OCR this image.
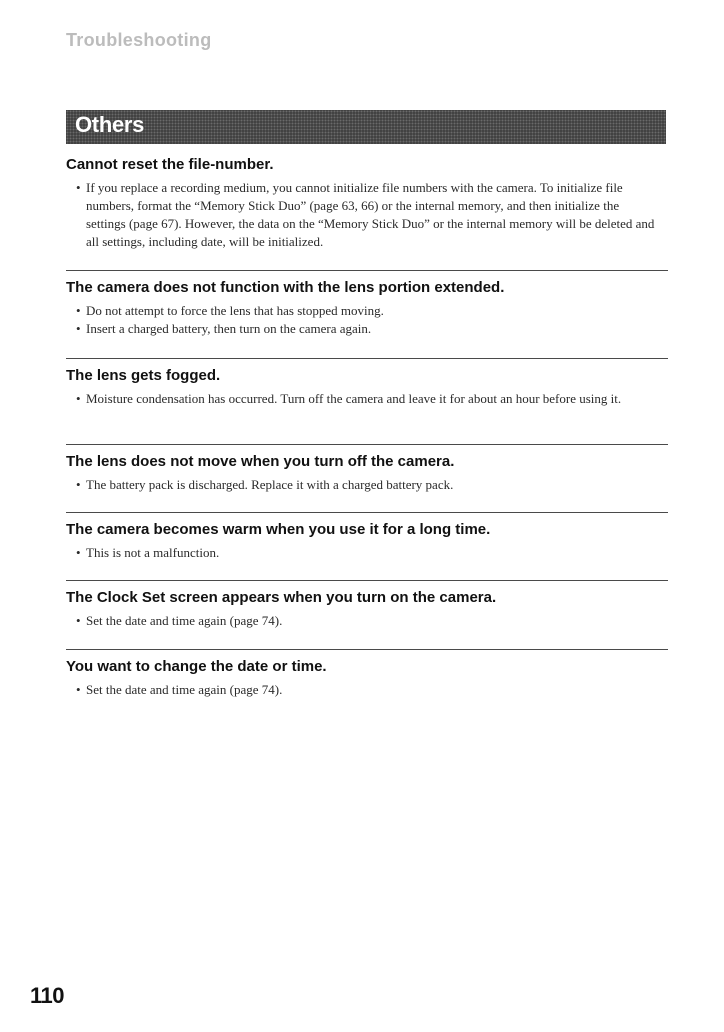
Troubleshooting
Others
Cannot reset the file-number.
• If you replace a recording medium, you cannot initialize file numbers with the camera. To initialize file numbers, format the “Memory Stick Duo” (page 63, 66) or the internal memory, and then initialize the settings (page 67). However, the data on the “Memory Stick Duo” or the internal memory will be deleted and all settings, including date, will be initialized.
The camera does not function with the lens portion extended.
• Do not attempt to force the lens that has stopped moving.
• Insert a charged battery, then turn on the camera again.
The lens gets fogged.
• Moisture condensation has occurred. Turn off the camera and leave it for about an hour before using it.
The lens does not move when you turn off the camera.
• The battery pack is discharged. Replace it with a charged battery pack.
The camera becomes warm when you use it for a long time.
• This is not a malfunction.
The Clock Set screen appears when you turn on the camera.
• Set the date and time again (page 74).
You want to change the date or time.
• Set the date and time again (page 74).
110
